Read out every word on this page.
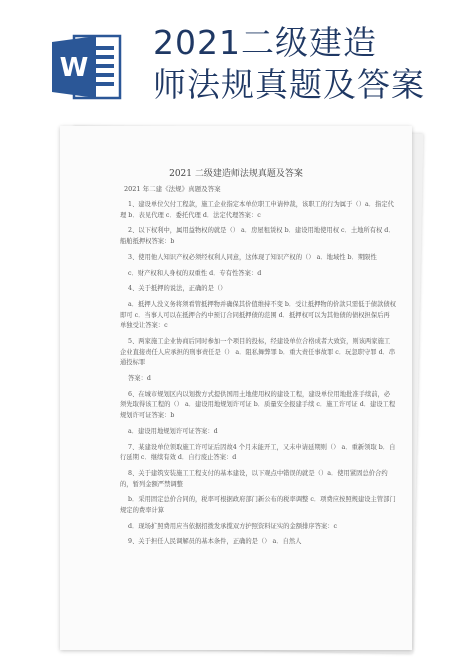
W
2021二级建造
师法规真题及答案
2021 二级建造师法规真题及答案
2021 年二建《法规》真题及答案

1、建设单位欠付工程款，施工企业指定本单位职工申请仲裁，该职工的行为属于（）a．指定代理 b．表见代理 c．委托代理 d．法定代理答案：c

2、以下权利中，属用益物权的就是（） a．房屋租赁权 b．建设用地使用权 c．土地所有权 d．船舶抵押权答案：b

3、使用他人知识产权必须经权利人同意，这体现了知识产权的（） a．地域性 b．期限性

c．财产权和人身权的双重性 d．专有性答案：d

4、关于抵押的说法，正确的是（）

a．抵押人没义务将须看管抵押物并确保其价值维持不变 b．受让抵押物的价款只需低于债款债权即可 c．当事人可以在抵押合约中预订合同抵押债的范围 d．抵押权可以为其他债的债权担保后再单独受让答案：c

5、两家施工企业协商后同时参加一个项目的投标，经建设单位合格成者大致资，则该两家施工企业直接责任人应承担的刑事责任是（） a．阻私舞弊罪 b．重大责任事故罪 c．玩忽职守罪 d．串通投标罪

答案：d

6、在城市规划区内以划拨方式提供国用土地使用权的建设工程，建设单位用地批准手续前，必须先取得该工程的（） a．建设用地规划许可证 b．质量安全报建手续 c．施工许可证 d．建设工程规划许可证答案：b

a．建设用地规划许可证答案：d

7、某建设单位领取施工许可证后因故4 个月未能开工，又未申请延期则（） a．重新领取 b．自行延期 c．继续有效 d．自行废止答案：d

8、关于建筑安装施工工程支付的基本建设，以下观点中错误的就是（）a．使用紧固总价合约的，暂列金额严禁调整

b．采用固定总价合同的，税率可根据政府部门新公布的税率调整 c．项费应按照规建设主管部门规定的费率计算

d．现场扩照费用应当依据招拨发承揽双方护照资料证实的金额排序答案：c

9、关于担任人民调解员的基本条件，正确的是（） a．自然人
